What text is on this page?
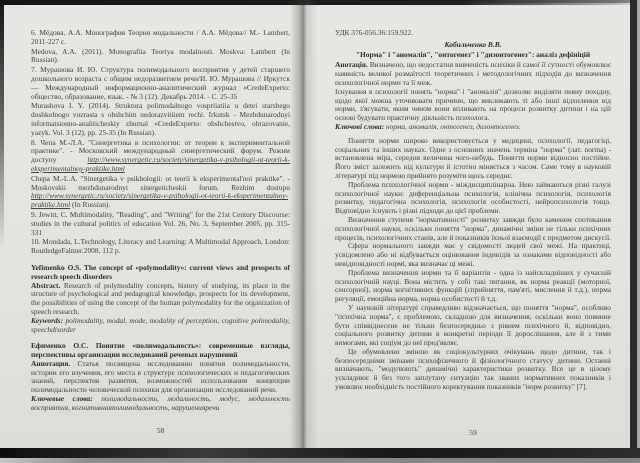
6. Мёдова, А.А. Монография Теория модальности / А.А. Мёдова// М.- Lambert, 2011-227 с.

Medova, A.A. (2011). Monografiia Teoriya modalnosti. Moskva: Lambert (In Russian).

7. Мурашова И. Ю. Структура полимодального восприятия у детей старшего дошкольного возраста с общим недоразвитием речи/И. Ю. Мурашова // Иркутск — Международный информационно-аналитический журнал «CredeExperto: общество, образование, язык. - № 3 (12). Декабрь 2014. - С. 25-35

Murashova I. Y. (2014). Struktura polimodalnogo vospriiatiia u detei starshego doshkolnogo vozrasta s obshchim nedorazvitiiem rechi. Irkutsk - Mezhdunarodnyi informatsionno-analiticheskiy zhurnal «CredeExperto: obshchestvo, obrazovanie, yazyk. Vol. 3 (12), pp. 25-35 (In Russian).

8. Чепа М.-Л.А. "Синергетика в психологии: от теории к экспериментальной практике". - Московский международный синергетический форум. Режим доступу http://www.synergetic.ru/society/sinergetika-v-psihologii-ot-teorii-k-eksperimentalnoy-praktike.html

Chepa M.-L.A. "Sinergetika v psikhologii: ot teorii k eksperimental'noi praktike". - Moskovskii mezhdunarodnyi sinergeticheskii forum. Rezhim dostupu http://www.synergetic.ru/society/sinergetika-v-psihologii-ot-teorii-k-eksperimentalnoy-praktike.html (In Russian).

9. Jewitt, C. Multimodality, "Reading", and "Writing" for the 21st Century Discourse: studies in the cultural politics of education Vol. 26, No. 3, September 2005, pp. 315-331

10. Mondada, L.Technology, Literacy and Learning: A Multimodal Approach, London: RoutledgeFalmer.2008, 112 p.

Yefimenko O.S. The concept of «polymodality»: current views and prospects of research speech disorders

Abstract. Research of polymodality concepts, history of studying, its place in the structure of psychological and pedagogical knowledge, prospects for its development, the possibilities of using the concept of the human polymodality for the organization of speech research.

Keywords: polimodality, modal, mode, modality of perception, cognitive polimodality, speechdisorder

Ефименко О.С. Понятие «полимодальность»: современные взгляды, перспективы организации исследований речевых нарушений

Аннотация. Статья посвящена исследованию понятия полимодальности, истории его изучения, его места в структуре психологических и педагогических знаний, перспектив развития, возможностей использования концепции полимодальности человеческой психики для организации исследований речи.

Ключевые слова: полимодальность, модальность, модус, модальность восприятия, когнитивнаяполимодальность, нарушенияречи

58

УДК 376-056.36:159.922.

Кобильченко В.В.

"Норма" і "аномалія", "онтогенез" і "дизонтогенез": аналіз дефініцій

Анотація. Визначено, що недостатня вивченість психіки й самої її сутності обумовлює наявність великої розмаїтості теоретичних і методологічних підходів до визначення психологічної норми та її меж.

Існування в психології понять "норма" і "аномалія" дозволяє виділяти певну похідну, щодо якої можна уточнювати причини, що викликають ті або інші відхилення від норми, з'ясувати, яким чином вони впливають на процеси розвитку дитини і на цій основі будувати практичну діяльність психолога.

Ключові слова: норма, аномалія, онтогенез, дизонтогенез.

Поняття норми широко використовується у медицині, психології, педагогіці, соціальних та інших науках. Одне з основних значень терміна "норма" (лат. norma) - встановлена міра, середня величина чого-небудь. Поняття норми відносно постійне. Його зміст залежить від культури й істотно міняється з часом. Саме тому в науковій літературі під нормою прийнято розуміти щось середнє.

Проблема психологічної норми - міждисциплінарна. Нею займаються різні галузі психологічної науки: диференціальна психологія, клінічна психологія, психологія розвитку, педагогічна психологія, психологія особистості, нейропсихологія тощо. Відповідно існують і різні підходи до цієї проблеми.

Визначення ступеня "нормативності" розвитку завжди було каменем спотикання психологічної науки, оскільки поняття "норма", динамічні зміни не тільки психічних процесів, психологічних станів, але й показників їхньої взаємодії є предметом дискусії.

Сфера нормального завжди має у свідомості людей свої межі. На практиці, усвідомлено або ні відбувається оцінювання індивідів за ознаками відповідності або невідповідності нормі, яка визначає ці межі.

Проблема визначення норми та її варіантів - одна із найскладніших у сучасній психологічній науці. Вона містить у собі такі питання, як норма реакції (моторної, сенсорної), норма когнітивних функцій (сприйняття, пам'яті, мислення й т.д.), норма регуляції, емоційна норма, норма особистості й т.д.

У науковій літературі справедливо відзначається, що поняття "норма", особливо "психічна норма", є проблемою, складною для визначення, оскільки воно повинне бути співвіднесене не тільки безпосередньо з рівнем психічного й, відповідно, соціального розвитку дитини в конкретні періоди її дорослішання, але й з тими вимогами, які соціум до неї пред'являє.

Це обумовлено зміною як соціокультурних очікувань щодо дитини, так і безпосередніми змінами психофізичного й фізіологічного статусу дитини. Останні визначають, "модулюють" динамічні характеристики розвитку. Все це в цілому ускладнює й без того заплутану ситуацію так званих нормативних показників і умовлює необхідність постійного коректування показників "норм розвитку" [7].

59
